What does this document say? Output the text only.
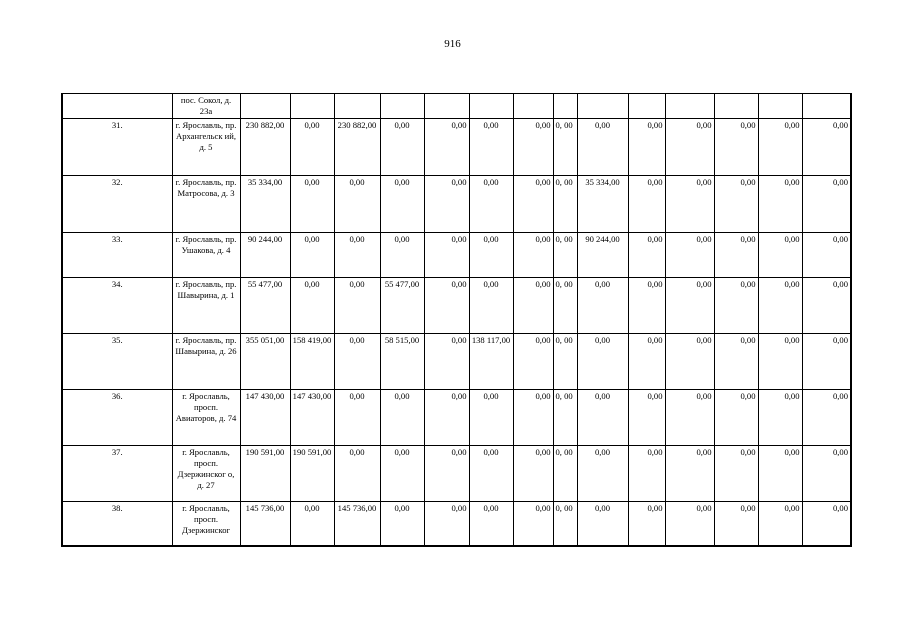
916
	пос. Сокол, д. 23а														
31.	г. Ярославль, пр. Архангельск ий, д. 5	230 882,00	0,00	230 882,00	0,00	0,00	0,00	0,00	0, 00	0,00	0,00	0,00	0,00	0,00	0,00
32.	г. Ярославль, пр. Матросова, д. 3	35 334,00	0,00	0,00	0,00	0,00	0,00	0,00	0, 00	35 334,00	0,00	0,00	0,00	0,00	0,00
33.	г. Ярославль, пр. Ушакова, д. 4	90 244,00	0,00	0,00	0,00	0,00	0,00	0,00	0, 00	90 244,00	0,00	0,00	0,00	0,00	0,00
34.	г. Ярославль, пр. Шавырина, д. 1	55 477,00	0,00	0,00	55 477,00	0,00	0,00	0,00	0, 00	0,00	0,00	0,00	0,00	0,00	0,00
35.	г. Ярославль, пр. Шавырина, д. 26	355 051,00	158 419,00	0,00	58 515,00	0,00	138 117,00	0,00	0, 00	0,00	0,00	0,00	0,00	0,00	0,00
36.	г. Ярославль, просп. Авиаторов, д. 74	147 430,00	147 430,00	0,00	0,00	0,00	0,00	0,00	0, 00	0,00	0,00	0,00	0,00	0,00	0,00
37.	г. Ярославль, просп. Дзержинског о, д. 27	190 591,00	190 591,00	0,00	0,00	0,00	0,00	0,00	0, 00	0,00	0,00	0,00	0,00	0,00	0,00
38.	г. Ярославль, просп. Дзержинског	145 736,00	0,00	145 736,00	0,00	0,00	0,00	0,00	0, 00	0,00	0,00	0,00	0,00	0,00	0,00
